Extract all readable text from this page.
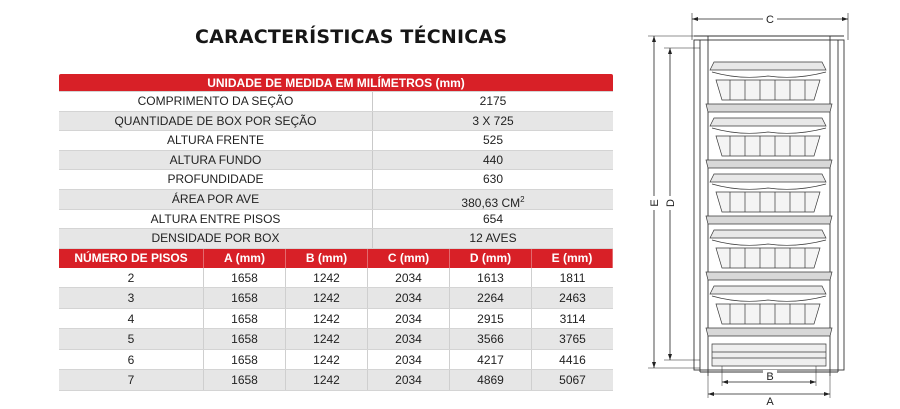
CARACTERÍSTICAS TÉCNICAS
UNIDADE DE MEDIDA EM MILÍMETROS (mm)
COMPRIMENTO DA SEÇÃO	2175
QUANTIDADE DE BOX POR SEÇÃO	3 X 725
ALTURA FRENTE	525
ALTURA FUNDO	440
PROFUNDIDADE	630
ÁREA POR AVE	380,63 $CM^2$
ALTURA ENTRE PISOS	654
DENSIDADE POR BOX	12 AVES
NÚMERO DE PISOS	A (mm)	B (mm)	C (mm)	D (mm)	E (mm)
2	1658	1242	2034	1613	1811
3	1658	1242	2034	2264	2463
4	1658	1242	2034	2915	3114
5	1658	1242	2034	3566	3765
6	1658	1242	2034	4217	4416
7	1658	1242	2034	4869	5067
C
E D
B
A
